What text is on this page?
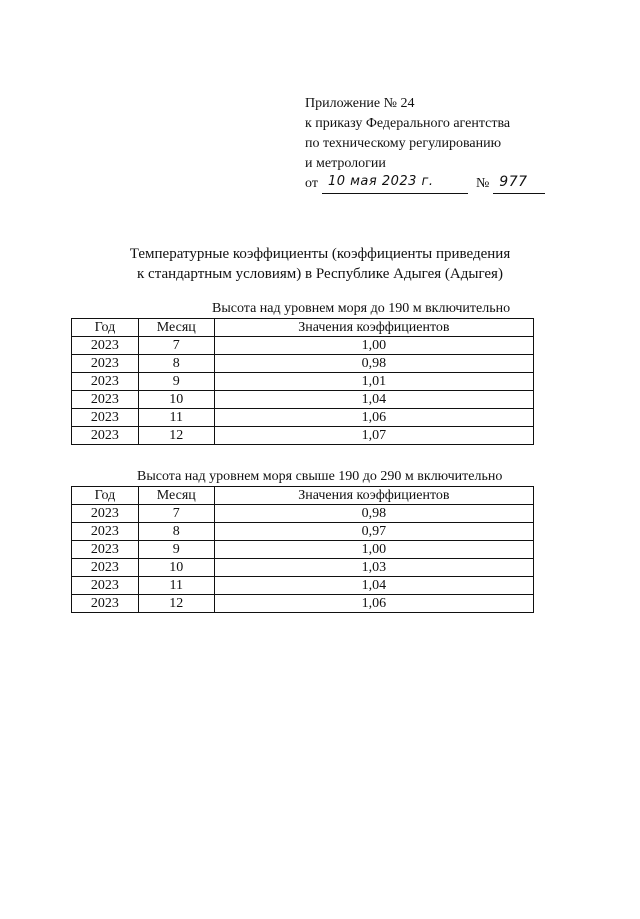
Приложение № 24
к приказу Федерального агентства
по техническому регулированию
и метрологии
от 10 мая 2023 г.	№ 977
Температурные коэффициенты (коэффициенты приведения
к стандартным условиям) в Республике Адыгея (Адыгея)
Высота над уровнем моря до 190 м включительно
Год	Месяц	Значения коэффициентов
2023	7	1,00
2023	8	0,98
2023	9	1,01
2023	10	1,04
2023	11	1,06
2023	12	1,07
Высота над уровнем моря свыше 190 до 290 м включительно
Год	Месяц	Значения коэффициентов
2023	7	0,98
2023	8	0,97
2023	9	1,00
2023	10	1,03
2023	11	1,04
2023	12	1,06
